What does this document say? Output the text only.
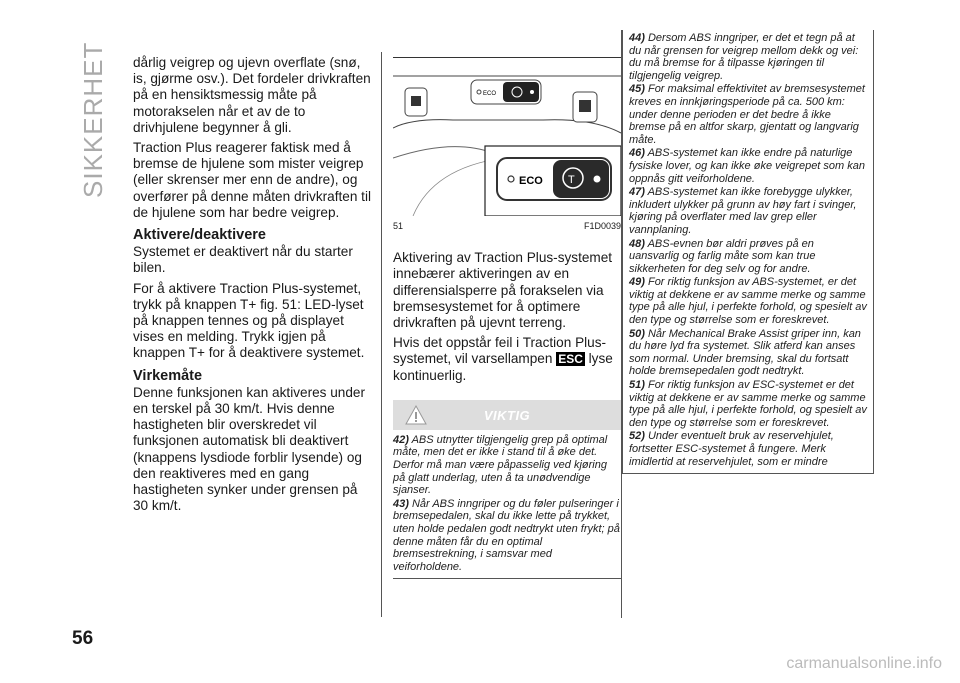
SIKKERHET dårlig veigrep og ujevn overflate (snø, is, gjørme osv.). Det fordeler drivkraften på en hensiktsmessig måte på motorakselen når et av de to drivhjulene begynner å gli.

Traction Plus reagerer faktisk med å bremse de hjulene som mister veigrep (eller skrenser mer enn de andre), og overfører på denne måten drivkraften til de hjulene som har bedre veigrep.

Aktivere/deaktivere

Systemet er deaktivert når du starter bilen.

For å aktivere Traction Plus-systemet, trykk på knappen T+ fig. 51: LED-lyset på knappen tennes og på displayet vises en melding. Trykk igjen på knappen T+ for å deaktivere systemet.

Virkemåte

Denne funksjonen kan aktiveres under en terskel på 30 km/t. Hvis denne hastigheten blir overskredet vil funksjonen automatisk bli deaktivert (knappens lysdiode forblir lysende) og den reaktiveres med en gang hastigheten synker under grensen på 30 km/t.

ECO
ECO T
51	F1D0039

Aktivering av Traction Plus-systemet innebærer aktiveringen av en differensialsperre på forakselen via bremsesystemet for å optimere drivkraften på ujevnt terreng.

Hvis det oppstår feil i Traction Plus-systemet, vil varsellampen ESC lyse kontinuerlig.

VIKTIG
42) ABS utnytter tilgjengelig grep på optimal måte, men det er ikke i stand til å øke det. Derfor må man være påpasselig ved kjøring på glatt underlag, uten å ta unødvendige sjanser.
43) Når ABS inngriper og du føler pulseringer i bremsepedalen, skal du ikke lette på trykket, uten holde pedalen godt nedtrykt uten frykt; på denne måten får du en optimal bremsestrekning, i samsvar med veiforholdene.
44) Dersom ABS inngriper, er det et tegn på at du når grensen for veigrep mellom dekk og vei: du må bremse for å tilpasse kjøringen til tilgjengelig veigrep.
45) For maksimal effektivitet av bremsesystemet kreves en innkjøringsperiode på ca. 500 km: under denne perioden er det bedre å ikke bremse på en altfor skarp, gjentatt og langvarig måte.
46) ABS-systemet kan ikke endre på naturlige fysiske lover, og kan ikke øke veigrepet som kan oppnås gitt veiforholdene.
47) ABS-systemet kan ikke forebygge ulykker, inkludert ulykker på grunn av høy fart i svinger, kjøring på overflater med lav grep eller vannplaning.
48) ABS-evnen bør aldri prøves på en uansvarlig og farlig måte som kan true sikkerheten for deg selv og for andre.
49) For riktig funksjon av ABS-systemet, er det viktig at dekkene er av samme merke og samme type på alle hjul, i perfekte forhold, og spesielt av den type og størrelse som er foreskrevet.
50) Når Mechanical Brake Assist griper inn, kan du høre lyd fra systemet. Slik atferd kan anses som normal. Under bremsing, skal du fortsatt holde bremsepedalen godt nedtrykt.
51) For riktig funksjon av ESC-systemet er det viktig at dekkene er av samme merke og samme type på alle hjul, i perfekte forhold, og spesielt av den type og størrelse som er foreskrevet.
52) Under eventuelt bruk av reservehjulet, fortsetter ESC-systemet å fungere. Merk imidlertid at reservehjulet, som er mindre
56
carmanualsonline.info
